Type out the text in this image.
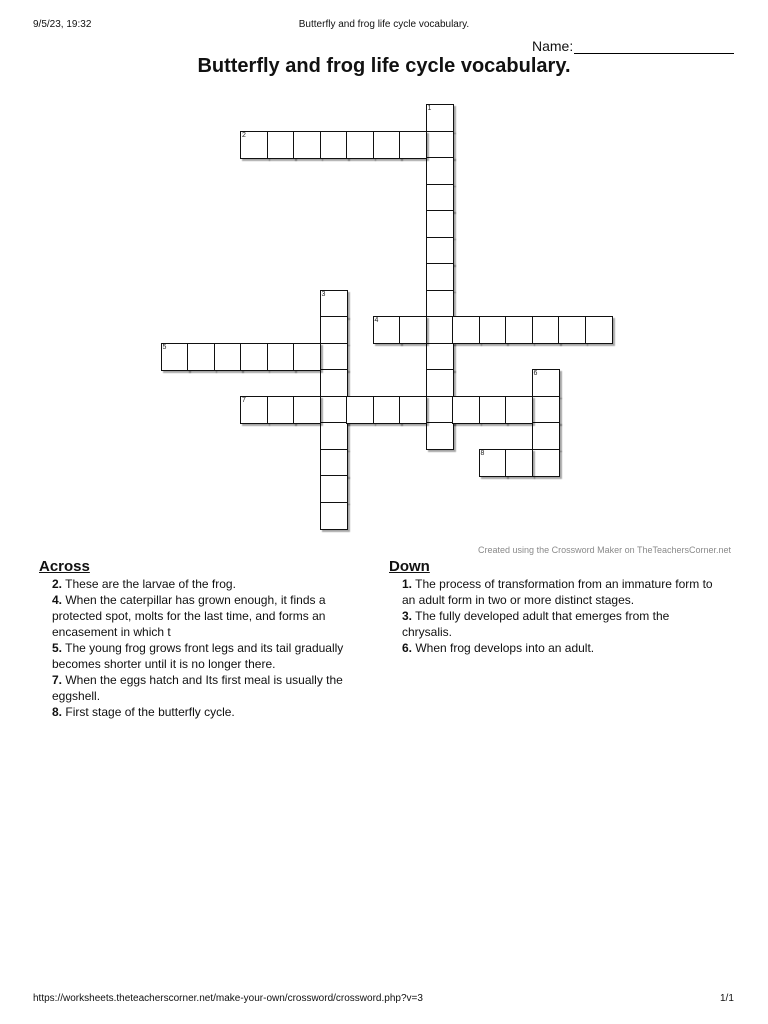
9/5/23, 19:32	Butterfly and frog life cycle vocabulary.
Name:
Butterfly and frog life cycle vocabulary.
1
2
3
4
5
6
7
8
Created using the Crossword Maker on TheTeachersCorner.net
Across
2. These are the larvae of the frog.
4. When the caterpillar has grown enough, it finds a protected spot, molts for the last time, and forms an encasement in which t
5. The young frog grows front legs and its tail gradually becomes shorter until it is no longer there.
7. When the eggs hatch and Its first meal is usually the eggshell.
8. First stage of the butterfly cycle.
Down
1. The process of transformation from an immature form to an adult form in two or more distinct stages.
3. The fully developed adult that emerges from the chrysalis.
6. When frog develops into an adult.
https://worksheets.theteacherscorner.net/make-your-own/crossword/crossword.php?v=3	1/1
